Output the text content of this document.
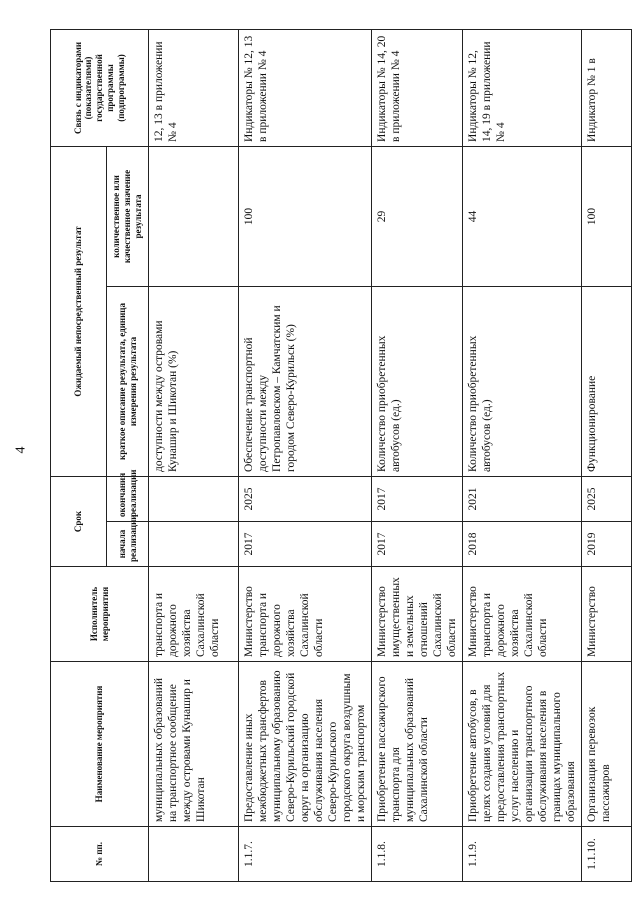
4
№ пп.	Наименование мероприятия	Исполнитель мероприятия	Срок		Ожидаемый непосредственный результат		Связь с индикаторами (показателями) государственной программы (подпрограммы)
			начала реализации	окончания реализации	краткое описание результата, единица измерения результата	количественное или качественное значение результата	
	муниципальных образований на транспортное сообщение между островами Кунашир и Шикотан	транспорта и дорожного хозяйства Сахалинской области			доступности между островами Кунашир и Шикотан (%)		12, 13 в приложении № 4
1.1.7.	Предоставление иных межбюджетных трансфертов муниципальному образованию Северо-Курильский городской округ на организацию обслуживания населения Северо-Курильского городского округа воздушным и морским транспортом	Министерство транспорта и дорожного хозяйства Сахалинской области	2017	2025	Обеспечение транспортной доступности между Петропавловском – Камчатским и городом Северо-Курильск (%)	100	Индикаторы № 12, 13 в приложении № 4
1.1.8.	Приобретение пассажирского транспорта для муниципальных образований Сахалинской области	Министерство имущественных и земельных отношений Сахалинской области	2017	2017	Количество приобретенных автобусов (ед.)	29	Индикаторы № 14, 20 в приложении № 4
1.1.9.	Приобретение автобусов, в целях создания условий для предоставления транспортных услуг населению и организации транспортного обслуживания населения в границах муниципального образования	Министерство транспорта и дорожного хозяйства Сахалинской области	2018	2021	Количество приобретенных автобусов (ед.)	44	Индикаторы № 12, 14, 19 в приложении № 4
1.1.10.	Организация перевозок пассажиров	Министерство	2019	2025	Функционирование	100	Индикатор № 1 в
